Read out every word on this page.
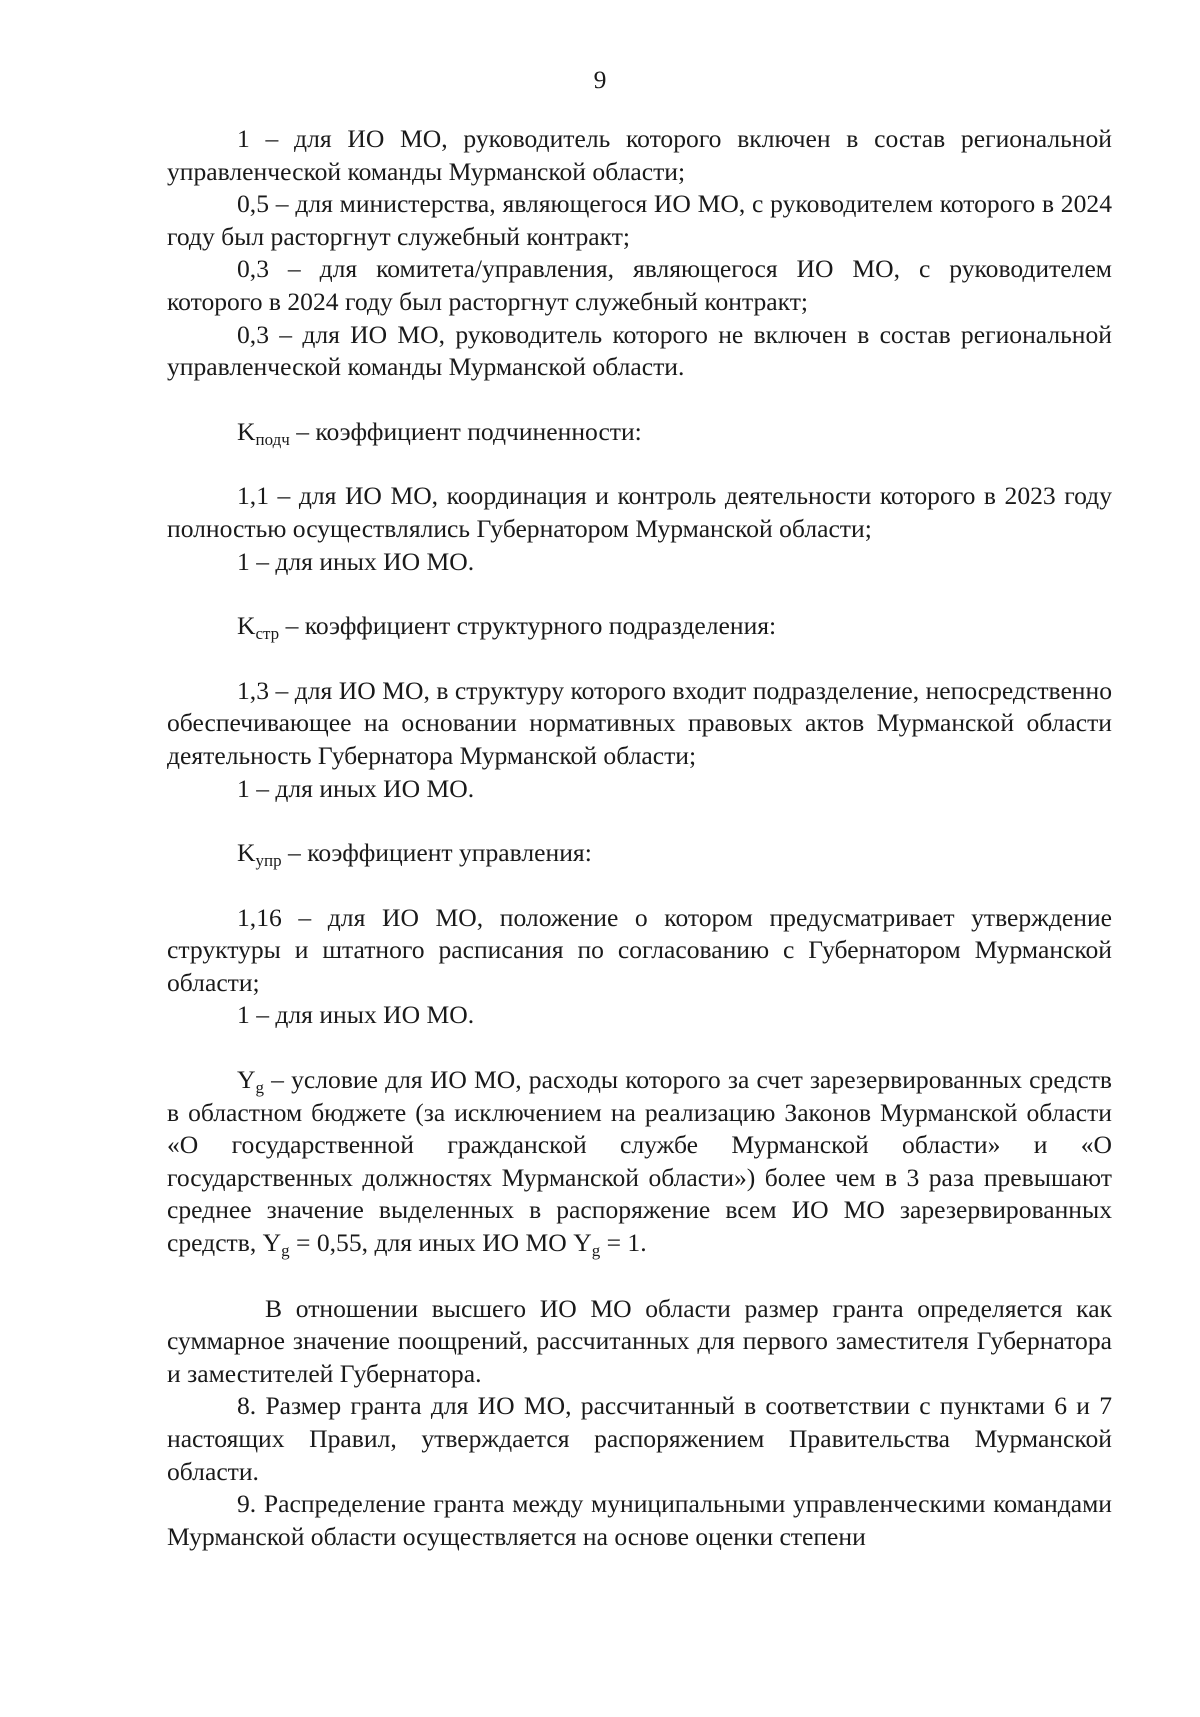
9

1 – для ИО МО, руководитель которого включен в состав региональной управленческой команды Мурманской области;

0,5 – для министерства, являющегося ИО МО, с руководителем которого в 2024 году был расторгнут служебный контракт;

0,3 – для комитета/управления, являющегося ИО МО, с руководителем которого в 2024 году был расторгнут служебный контракт;

0,3 – для ИО МО, руководитель которого не включен в состав региональной управленческой команды Мурманской области.

$K_{подч}$ – коэффициент подчиненности:

1,1 – для ИО МО, координация и контроль деятельности которого в 2023 году полностью осуществлялись Губернатором Мурманской области;

1 – для иных ИО МО.

$K_{стр}$ – коэффициент структурного подразделения:

1,3 – для ИО МО, в структуру которого входит подразделение, непосредственно обеспечивающее на основании нормативных правовых актов Мурманской области деятельность Губернатора Мурманской области;

1 – для иных ИО МО.

$K_{упр}$ – коэффициент управления:

1,16 – для ИО МО, положение о котором предусматривает утверждение структуры и штатного расписания по согласованию с Губернатором Мурманской области;

1 – для иных ИО МО.

$Y_g$ – условие для ИО МО, расходы которого за счет зарезервированных средств в областном бюджете (за исключением на реализацию Законов Мурманской области «О государственной гражданской службе Мурманской области» и «О государственных должностях Мурманской области») более чем в 3 раза превышают среднее значение выделенных в распоряжение всем ИО МО зарезервированных средств, $Y_g = 0,55$, для иных ИО МО $Y_g = 1$.

В отношении высшего ИО МО области размер гранта определяется как суммарное значение поощрений, рассчитанных для первого заместителя Губернатора и заместителей Губернатора.

8. Размер гранта для ИО МО, рассчитанный в соответствии с пунктами 6 и 7 настоящих Правил, утверждается распоряжением Правительства Мурманской области.

9. Распределение гранта между муниципальными управленческими командами Мурманской области осуществляется на основе оценки степени
